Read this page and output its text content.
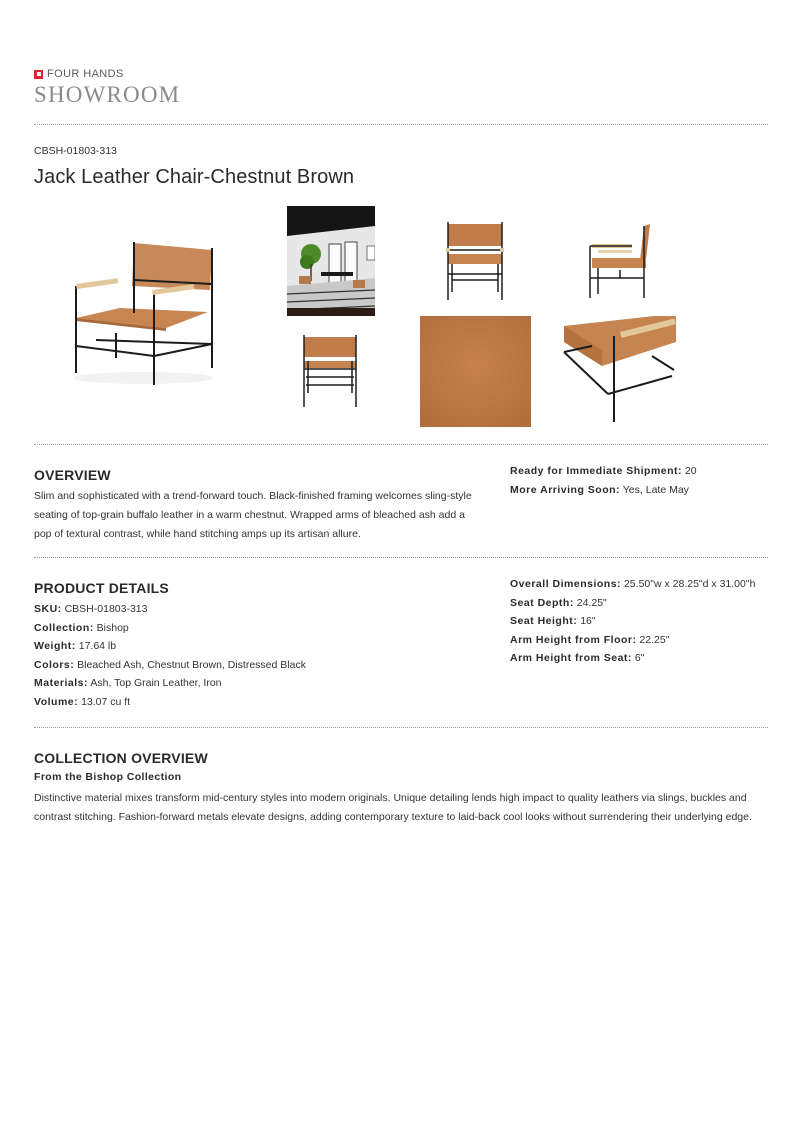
FOUR HANDS
SHOWROOM
CBSH-01803-313
Jack Leather Chair-Chestnut Brown
OVERVIEW

Slim and sophisticated with a trend-forward touch. Black-finished framing welcomes sling-style seating of top-grain buffalo leather in a warm chestnut. Wrapped arms of bleached ash add a pop of textural contrast, while hand stitching amps up its artisan allure.

Ready for Immediate Shipment: 20
More Arriving Soon: Yes, Late May
PRODUCT DETAILS
SKU: CBSH-01803-313
Collection: Bishop
Weight: 17.64 lb
Colors: Bleached Ash, Chestnut Brown, Distressed Black
Materials: Ash, Top Grain Leather, Iron
Volume: 13.07 cu ft
Overall Dimensions: 25.50"w x 28.25"d x 31.00"h
Seat Depth: 24.25"
Seat Height: 16"
Arm Height from Floor: 22.25"
Arm Height from Seat: 6"
COLLECTION OVERVIEW
From the Bishop Collection

Distinctive material mixes transform mid-century styles into modern originals. Unique detailing lends high impact to quality leathers via slings, buckles and contrast stitching. Fashion-forward metals elevate designs, adding contemporary texture to laid-back cool looks without surrendering their underlying edge.
